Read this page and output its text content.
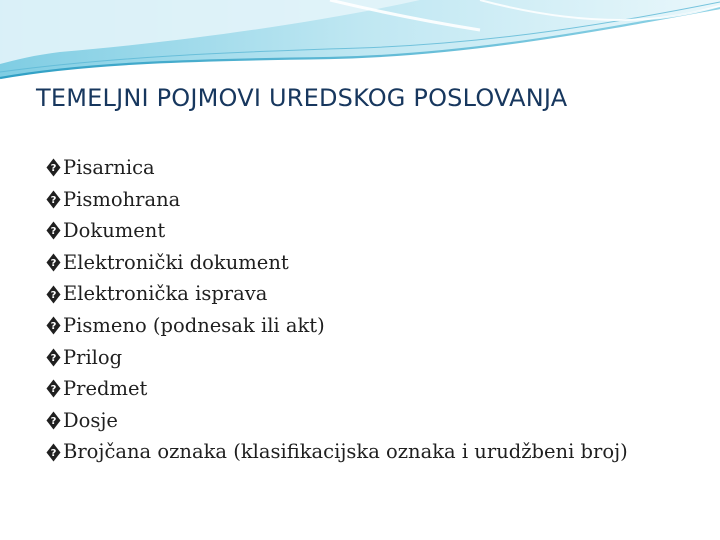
TEMELJNI POJMOVI UREDSKOG POSLOVANJA
? Pisarnica
? Pismohrana
? Dokument
? Elektronički dokument
? Elektronička isprava
? Pismeno (podnesak ili akt)
? Prilog
? Predmet
? Dosje
? Brojčana oznaka (klasifikacijska oznaka i urudžbeni broj)
